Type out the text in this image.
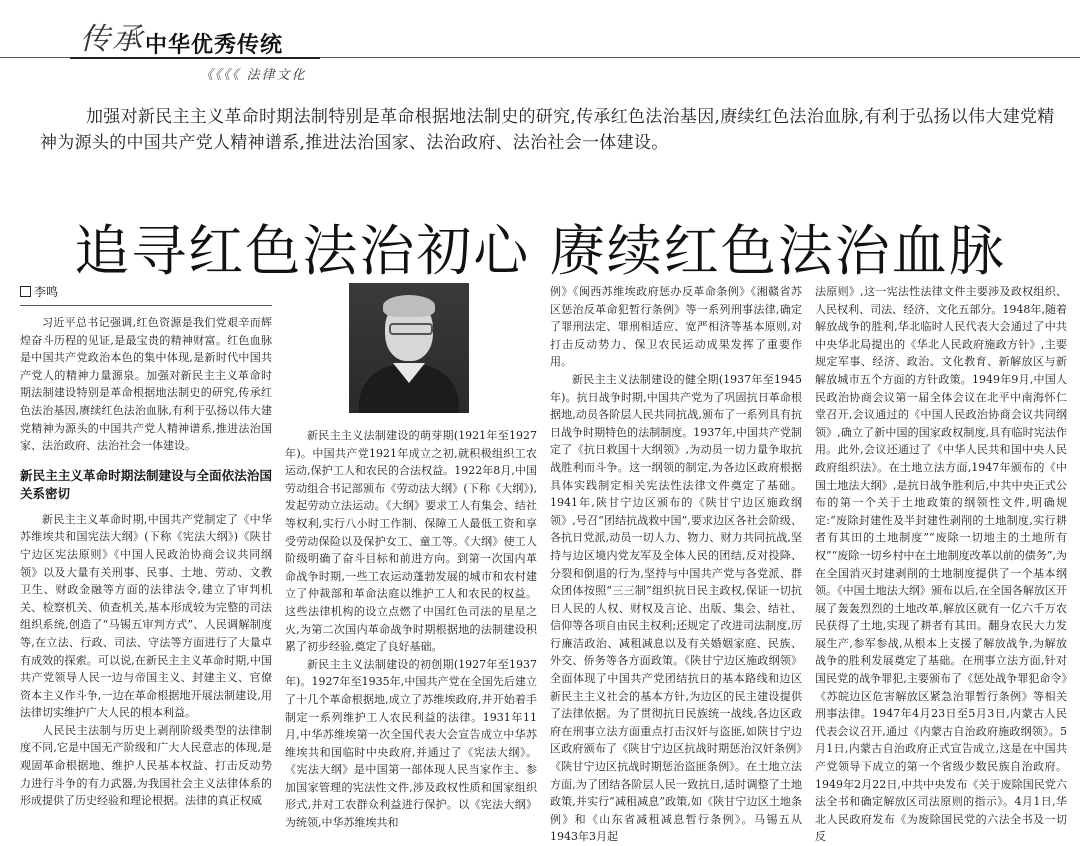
传承 中华优秀传统
《《《《 法律文化
加强对新民主主义革命时期法制特别是革命根据地法制史的研究,传承红色法治基因,赓续红色法治血脉,有利于弘扬以伟大建党精神为源头的中国共产党人精神谱系,推进法治国家、法治政府、法治社会一体建设。
追寻红色法治初心 赓续红色法治血脉
李鸣

习近平总书记强调,红色资源是我们党艰辛而辉煌奋斗历程的见证,是最宝贵的精神财富。红色血脉是中国共产党政治本色的集中体现,是新时代中国共产党人的精神力量源泉。加强对新民主主义革命时期法制建设特别是革命根据地法制史的研究,传承红色法治基因,赓续红色法治血脉,有利于弘扬以伟大建党精神为源头的中国共产党人精神谱系,推进法治国家、法治政府、法治社会一体建设。

新民主主义革命时期法制建设与全面依法治国关系密切

新民主主义革命时期,中国共产党制定了《中华苏维埃共和国宪法大纲》(下称《宪法大纲》)《陕甘宁边区宪法原则》《中国人民政治协商会议共同纲领》以及大量有关刑事、民事、土地、劳动、文教卫生、财政金融等方面的法律法令,建立了审判机关、检察机关、侦查机关,基本形成较为完整的司法组织系统,创造了“马锡五审判方式”、人民调解制度等,在立法、行政、司法、守法等方面进行了大量卓有成效的探索。可以说,在新民主主义革命时期,中国共产党领导人民一边与帝国主义、封建主义、官僚资本主义作斗争,一边在革命根据地开展法制建设,用法律切实维护广大人民的根本利益。

人民民主法制与历史上剥削阶级类型的法律制度不同,它是中国无产阶级和广大人民意志的体现,是观固革命根据地、维护人民基本权益、打击反动势力进行斗争的有力武器,为我国社会主义法律体系的形成提供了历史经验和理论根据。法律的真正权威

新民主主义法制建设的萌芽期(1921年至1927年)。中国共产党1921年成立之初,就积极组织工农运动,保护工人和农民的合法权益。1922年8月,中国劳动组合书记部颁布《劳动法大纲》(下称《大纲》),发起劳动立法运动。《大纲》要求工人有集会、结社等权利,实行八小时工作制、保障工人最低工资和享受劳动保险以及保护女工、童工等。《大纲》使工人阶级明确了奋斗目标和前进方向。到第一次国内革命战争时期,一些工农运动蓬勃发展的城市和农村建立了仲裁部和革命法庭以维护工人和农民的权益。这些法律机构的设立点燃了中国红色司法的星星之火,为第二次国内革命战争时期根据地的法制建设积累了初步经验,奠定了良好基础。

新民主主义法制建设的初创期(1927年至1937年)。1927年至1935年,中国共产党在全国先后建立了十几个革命根据地,成立了苏维埃政府,并开始着手制定一系列维护工人农民利益的法律。1931年11月,中华苏维埃第一次全国代表大会宣告成立中华苏维埃共和国临时中央政府,并通过了《宪法大纲》。《宪法大纲》是中国第一部体现人民当家作主、参加国家管理的宪法性文件,涉及政权性质和国家组织形式,并对工农群众利益进行保护。以《宪法大纲》为统领,中华苏维埃共和

例》《闽西苏维埃政府惩办反革命条例》《湘赣省苏区惩治反革命犯暂行条例》等一系列刑事法律,确定了罪刑法定、罪刑相适应、宽严相济等基本原则,对打击反动势力、保卫农民运动成果发挥了重要作用。

新民主主义法制建设的健全期(1937年至1945年)。抗日战争时期,中国共产党为了巩固抗日革命根据地,动员各阶层人民共同抗战,颁布了一系列具有抗日战争时期特色的法制制度。1937年,中国共产党制定了《抗日救国十大纲领》,为动员一切力量争取抗战胜利而斗争。这一纲领的制定,为各边区政府根据具体实践制定相关宪法性法律文件奠定了基础。1941年,陕甘宁边区颁布的《陕甘宁边区施政纲领》,号召“团结抗战救中国”,要求边区各社会阶级、各抗日党派,动员一切人力、物力、财力共同抗战,坚持与边区境内党友军及全体人民的团结,反对投降、分裂和倒退的行为,坚持与中国共产党与各党派、群众团体按照“三三制”组织抗日民主政权,保证一切抗日人民的人权、财权及言论、出版、集会、结社、信仰等各项自由民主权利;还规定了改进司法制度,厉行廉洁政治、减租减息以及有关婚姻家庭、民族、外交、侨务等各方面政策。《陕甘宁边区施政纲领》全面体现了中国共产党团结抗日的基本路线和边区新民主主义社会的基本方针,为边区的民主建设提供了法律依据。为了贯彻抗日民族统一战线,各边区政府在刑事立法方面重点打击汉奸与盗匪,如陕甘宁边区政府颁布了《陕甘宁边区抗战时期惩治汉奸条例》《陕甘宁边区抗战时期惩治盗匪条例》。在土地立法方面,为了团结各阶层人民一致抗日,适时调整了土地政策,并实行“减租减息”政策,如《陕甘宁边区土地条例》和《山东省减租减息暂行条例》。马锡五从1943年3月起

法原则》,这一宪法性法律文件主要涉及政权组织、人民权利、司法、经济、文化五部分。1948年,随着解放战争的胜利,华北临时人民代表大会通过了中共中央华北局提出的《华北人民政府施政方针》,主要规定军事、经济、政治、文化教育、新解放区与新解放城市五个方面的方针政策。1949年9月,中国人民政治协商会议第一届全体会议在北平中南海怀仁堂召开,会议通过的《中国人民政治协商会议共同纲领》,确立了新中国的国家政权制度,具有临时宪法作用。此外,会议还通过了《中华人民共和国中央人民政府组织法》。在土地立法方面,1947年颁布的《中国土地法大纲》,是抗日战争胜利后,中共中央正式公布的第一个关于土地政策的纲领性文件,明确规定:“废除封建性及半封建性剥削的土地制度,实行耕者有其田的土地制度”“废除一切地主的土地所有权”“废除一切乡村中在土地制度改革以前的债务”,为在全国消灭封建剥削的土地制度提供了一个基本纲领。《中国土地法大纲》颁布以后,在全国各解放区开展了轰轰烈烈的土地改革,解放区就有一亿六千万农民获得了土地,实现了耕者有其田。翻身农民大力发展生产,参军参战,从根本上支援了解放战争,为解放战争的胜利发展奠定了基础。在刑事立法方面,针对国民党的战争罪犯,主要颁布了《惩处战争罪犯命令》《苏皖边区危害解放区紧急治罪暂行条例》等相关刑事法律。1947年4月23日至5月3日,内蒙古人民代表会议召开,通过《内蒙古自治政府施政纲领》。5月1日,内蒙古自治政府正式宣告成立,这是在中国共产党领导下成立的第一个省级少数民族自治政府。1949年2月22日,中共中央发布《关于废除国民党六法全书和确定解放区司法原则的指示》。4月1日,华北人民政府发布《为废除国民党的六法全书及一切反
